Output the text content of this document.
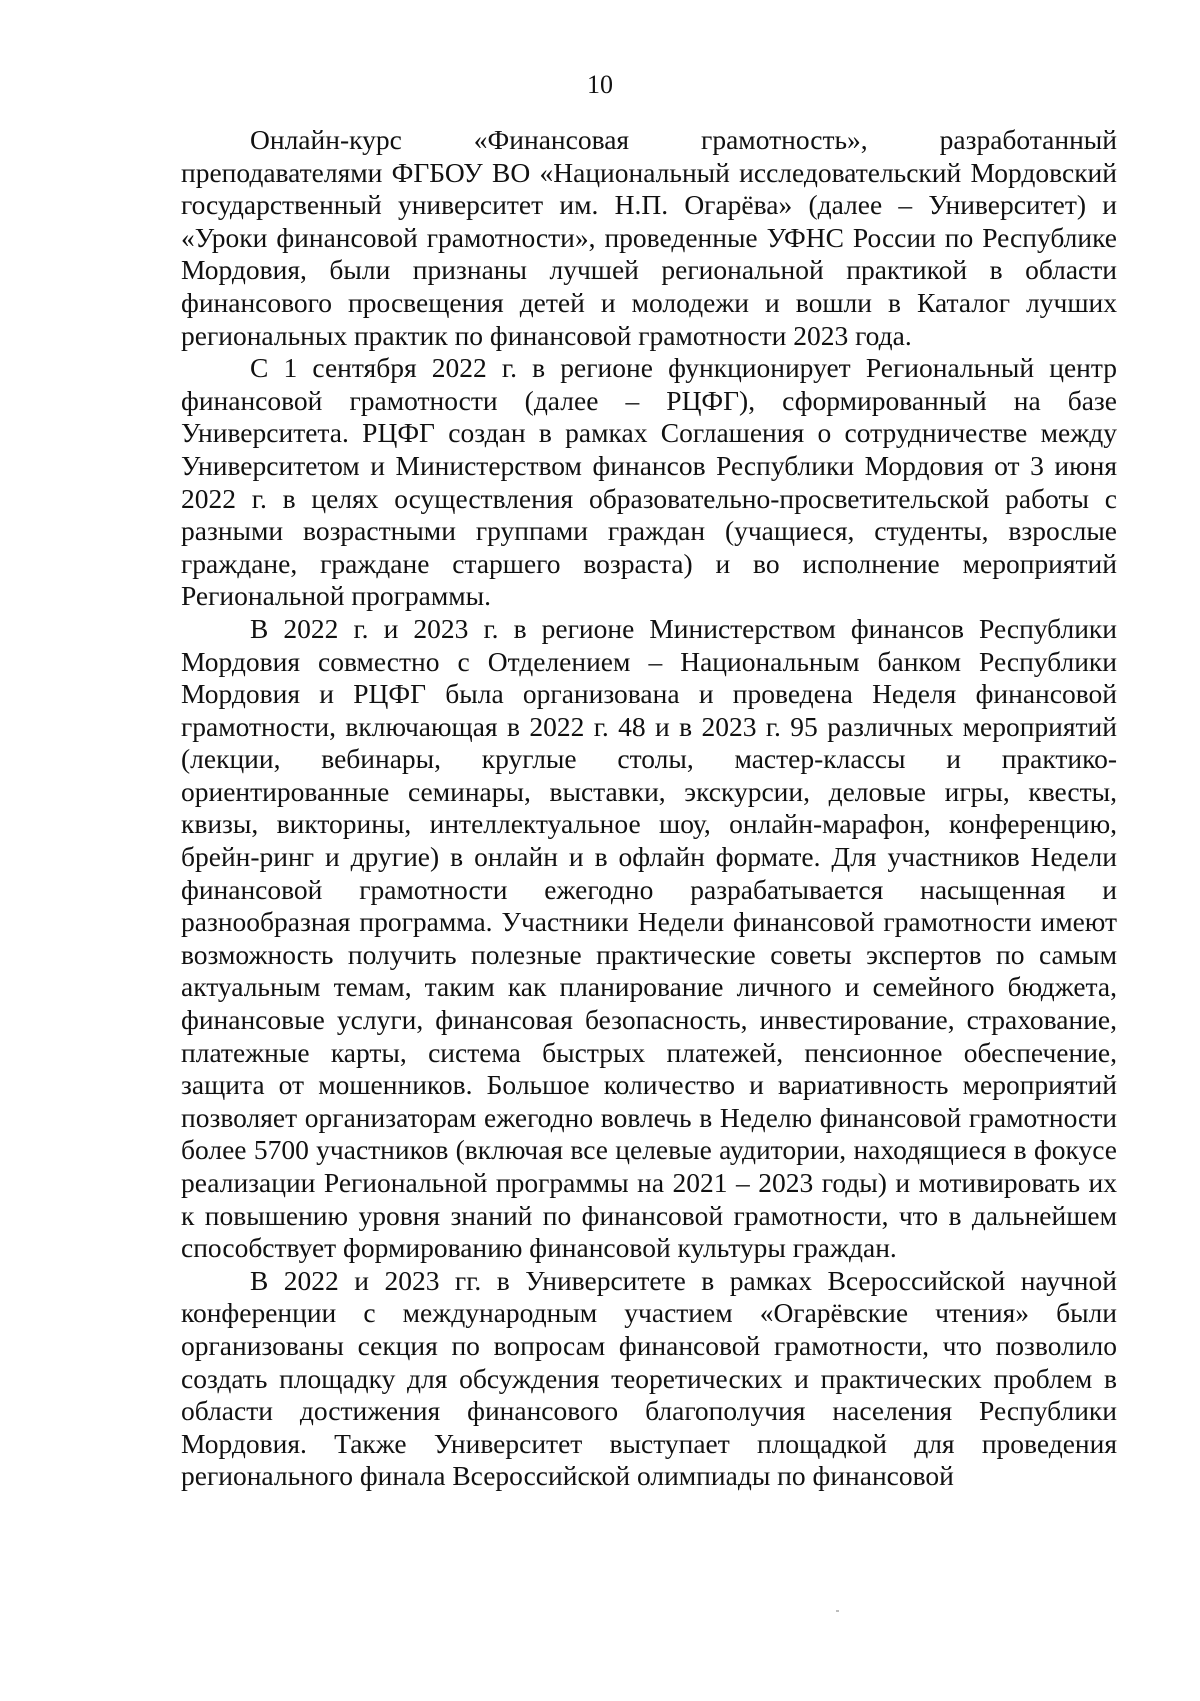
10

Онлайн-курс «Финансовая грамотность», разработанный преподавателями ФГБОУ ВО «Национальный исследовательский Мордовский государственный университет им. Н.П. Огарёва» (далее – Университет) и «Уроки финансовой грамотности», проведенные УФНС России по Республике Мордовия, были признаны лучшей региональной практикой в области финансового просвещения детей и молодежи и вошли в Каталог лучших региональных практик по финансовой грамотности 2023 года.

С 1 сентября 2022 г. в регионе функционирует Региональный центр финансовой грамотности (далее – РЦФГ), сформированный на базе Университета. РЦФГ создан в рамках Соглашения о сотрудничестве между Университетом и Министерством финансов Республики Мордовия от 3 июня 2022 г. в целях осуществления образовательно-просветительской работы с разными возрастными группами граждан (учащиеся, студенты, взрослые граждане, граждане старшего возраста) и во исполнение мероприятий Региональной программы.

В 2022 г. и 2023 г. в регионе Министерством финансов Республики Мордовия совместно с Отделением – Национальным банком Республики Мордовия и РЦФГ была организована и проведена Неделя финансовой грамотности, включающая в 2022 г. 48 и в 2023 г. 95 различных мероприятий (лекции, вебинары, круглые столы, мастер-классы и практико-ориентированные семинары, выставки, экскурсии, деловые игры, квесты, квизы, викторины, интеллектуальное шоу, онлайн-марафон, конференцию, брейн-ринг и другие) в онлайн и в офлайн формате. Для участников Недели финансовой грамотности ежегодно разрабатывается насыщенная и разнообразная программа. Участники Недели финансовой грамотности имеют возможность получить полезные практические советы экспертов по самым актуальным темам, таким как планирование личного и семейного бюджета, финансовые услуги, финансовая безопасность, инвестирование, страхование, платежные карты, система быстрых платежей, пенсионное обеспечение, защита от мошенников. Большое количество и вариативность мероприятий позволяет организаторам ежегодно вовлечь в Неделю финансовой грамотности более 5700 участников (включая все целевые аудитории, находящиеся в фокусе реализации Региональной программы на 2021 – 2023 годы) и мотивировать их к повышению уровня знаний по финансовой грамотности, что в дальнейшем способствует формированию финансовой культуры граждан.

В 2022 и 2023 гг. в Университете в рамках Всероссийской научной конференции с международным участием «Огарёвские чтения» были организованы секция по вопросам финансовой грамотности, что позволило создать площадку для обсуждения теоретических и практических проблем в области достижения финансового благополучия населения Республики Мордовия. Также Университет выступает площадкой для проведения регионального финала Всероссийской олимпиады по финансовой
